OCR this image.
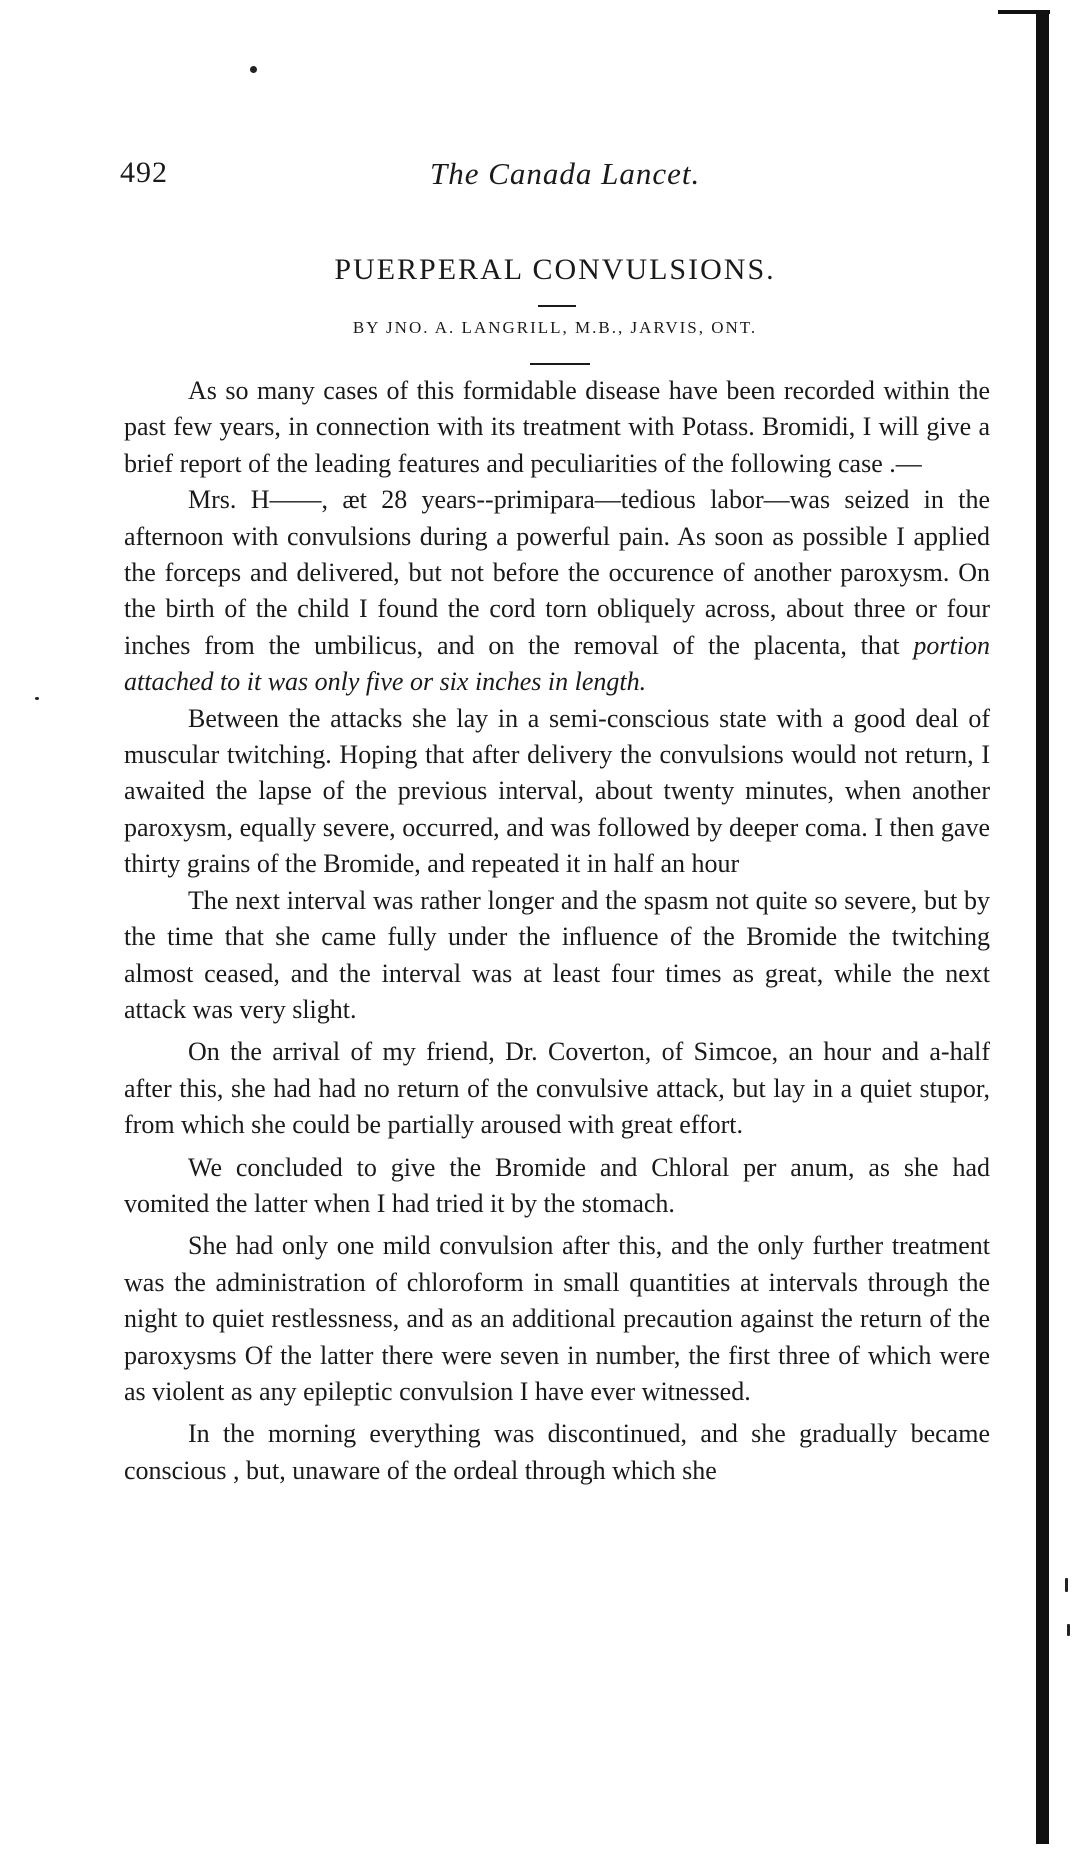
492	The Canada Lancet.
PUERPERAL CONVULSIONS.
BY JNO. A. LANGRILL, M.B., JARVIS, ONT.

As so many cases of this formidable disease have been recorded within the past few years, in connection with its treatment with Potass. Bromidi, I will give a brief report of the leading features and peculiarities of the following case .—

Mrs. H——, æt 28 years--primipara—tedious labor—was seized in the afternoon with convulsions during a powerful pain. As soon as possible I applied the forceps and delivered, but not before the occurence of another paroxysm. On the birth of the child I found the cord torn obliquely across, about three or four inches from the umbilicus, and on the removal of the placenta, that portion attached to it was only five or six inches in length.

Between the attacks she lay in a semi-conscious state with a good deal of muscular twitching. Hoping that after delivery the convulsions would not return, I awaited the lapse of the previous interval, about twenty minutes, when another paroxysm, equally severe, occurred, and was followed by deeper coma. I then gave thirty grains of the Bromide, and repeated it in half an hour

The next interval was rather longer and the spasm not quite so severe, but by the time that she came fully under the influence of the Bromide the twitching almost ceased, and the interval was at least four times as great, while the next attack was very slight.

On the arrival of my friend, Dr. Coverton, of Simcoe, an hour and a-half after this, she had had no return of the convulsive attack, but lay in a quiet stupor, from which she could be partially aroused with great effort.

We concluded to give the Bromide and Chloral per anum, as she had vomited the latter when I had tried it by the stomach.

She had only one mild convulsion after this, and the only further treatment was the administration of chloroform in small quantities at intervals through the night to quiet restlessness, and as an additional precaution against the return of the paroxysms Of the latter there were seven in number, the first three of which were as violent as any epileptic convulsion I have ever witnessed.

In the morning everything was discontinued, and she gradually became conscious , but, unaware of the ordeal through which she
